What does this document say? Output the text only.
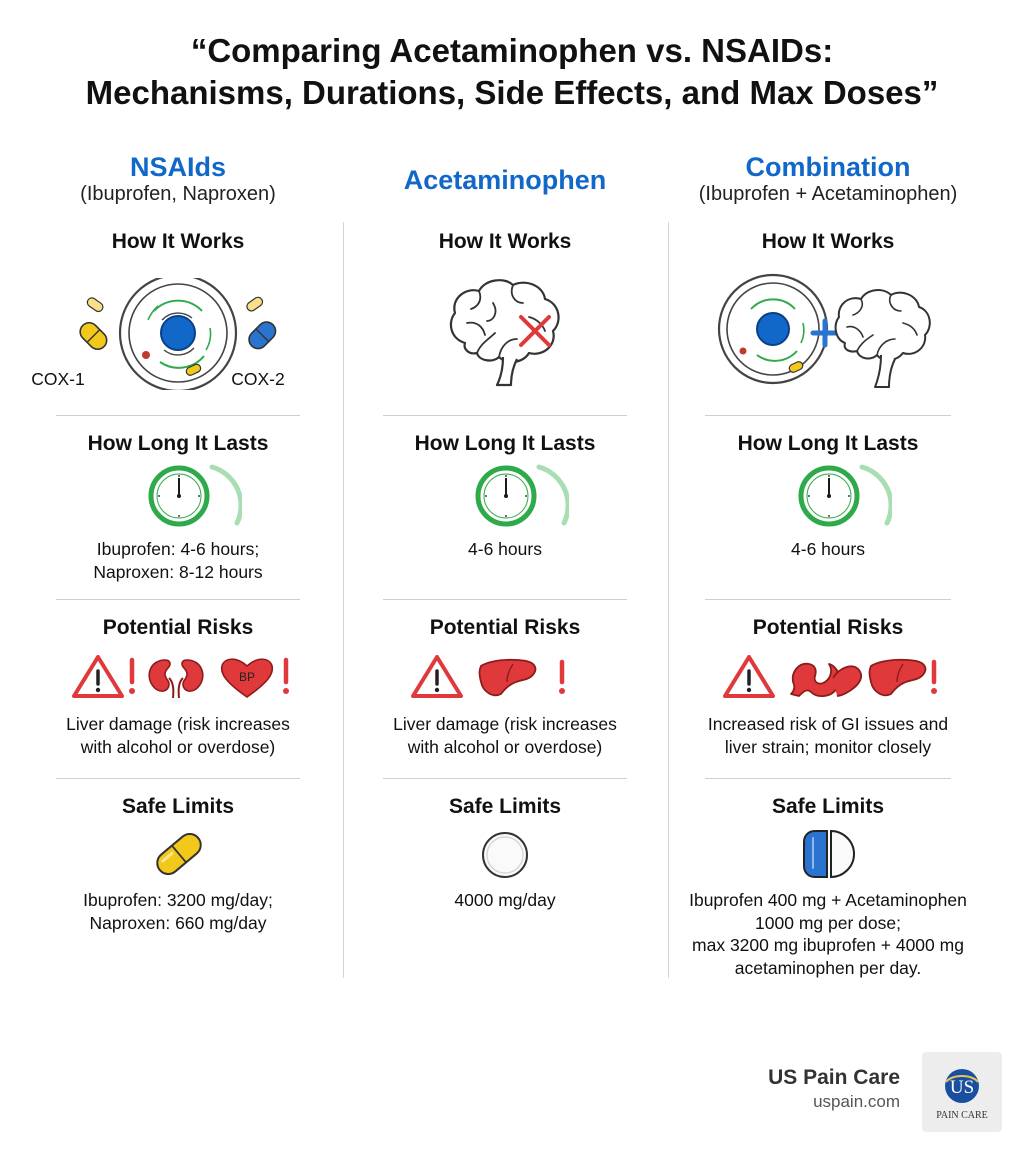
“Comparing Acetaminophen vs. NSAIDs:
Mechanisms, Durations, Side Effects, and Max Doses”
NSAIds
(Ibuprofen, Naproxen)
How It Works
COX-1	COX-2
How Long It Lasts
Ibuprofen: 4-6 hours;
Naproxen: 8-12 hours
Potential Risks
BP
Liver damage (risk increases
with alcohol or overdose)
Safe Limits
Ibuprofen: 3200 mg/day;
Naproxen: 660 mg/day
Acetaminophen
How It Works
How Long It Lasts
4-6 hours
Potential Risks
Liver damage (risk increases
with alcohol or overdose)
Safe Limits
4000 mg/day
Combination
(Ibuprofen + Acetaminophen)
How It Works
How Long It Lasts
4-6 hours
Potential Risks
Increased risk of GI issues and
liver strain; monitor closely
Safe Limits
Ibuprofen 400 mg + Acetaminophen
1000 mg per dose;
max 3200 mg ibuprofen + 4000 mg
acetaminophen per day.
US Pain Care
uspain.com
US
PAIN CARE
